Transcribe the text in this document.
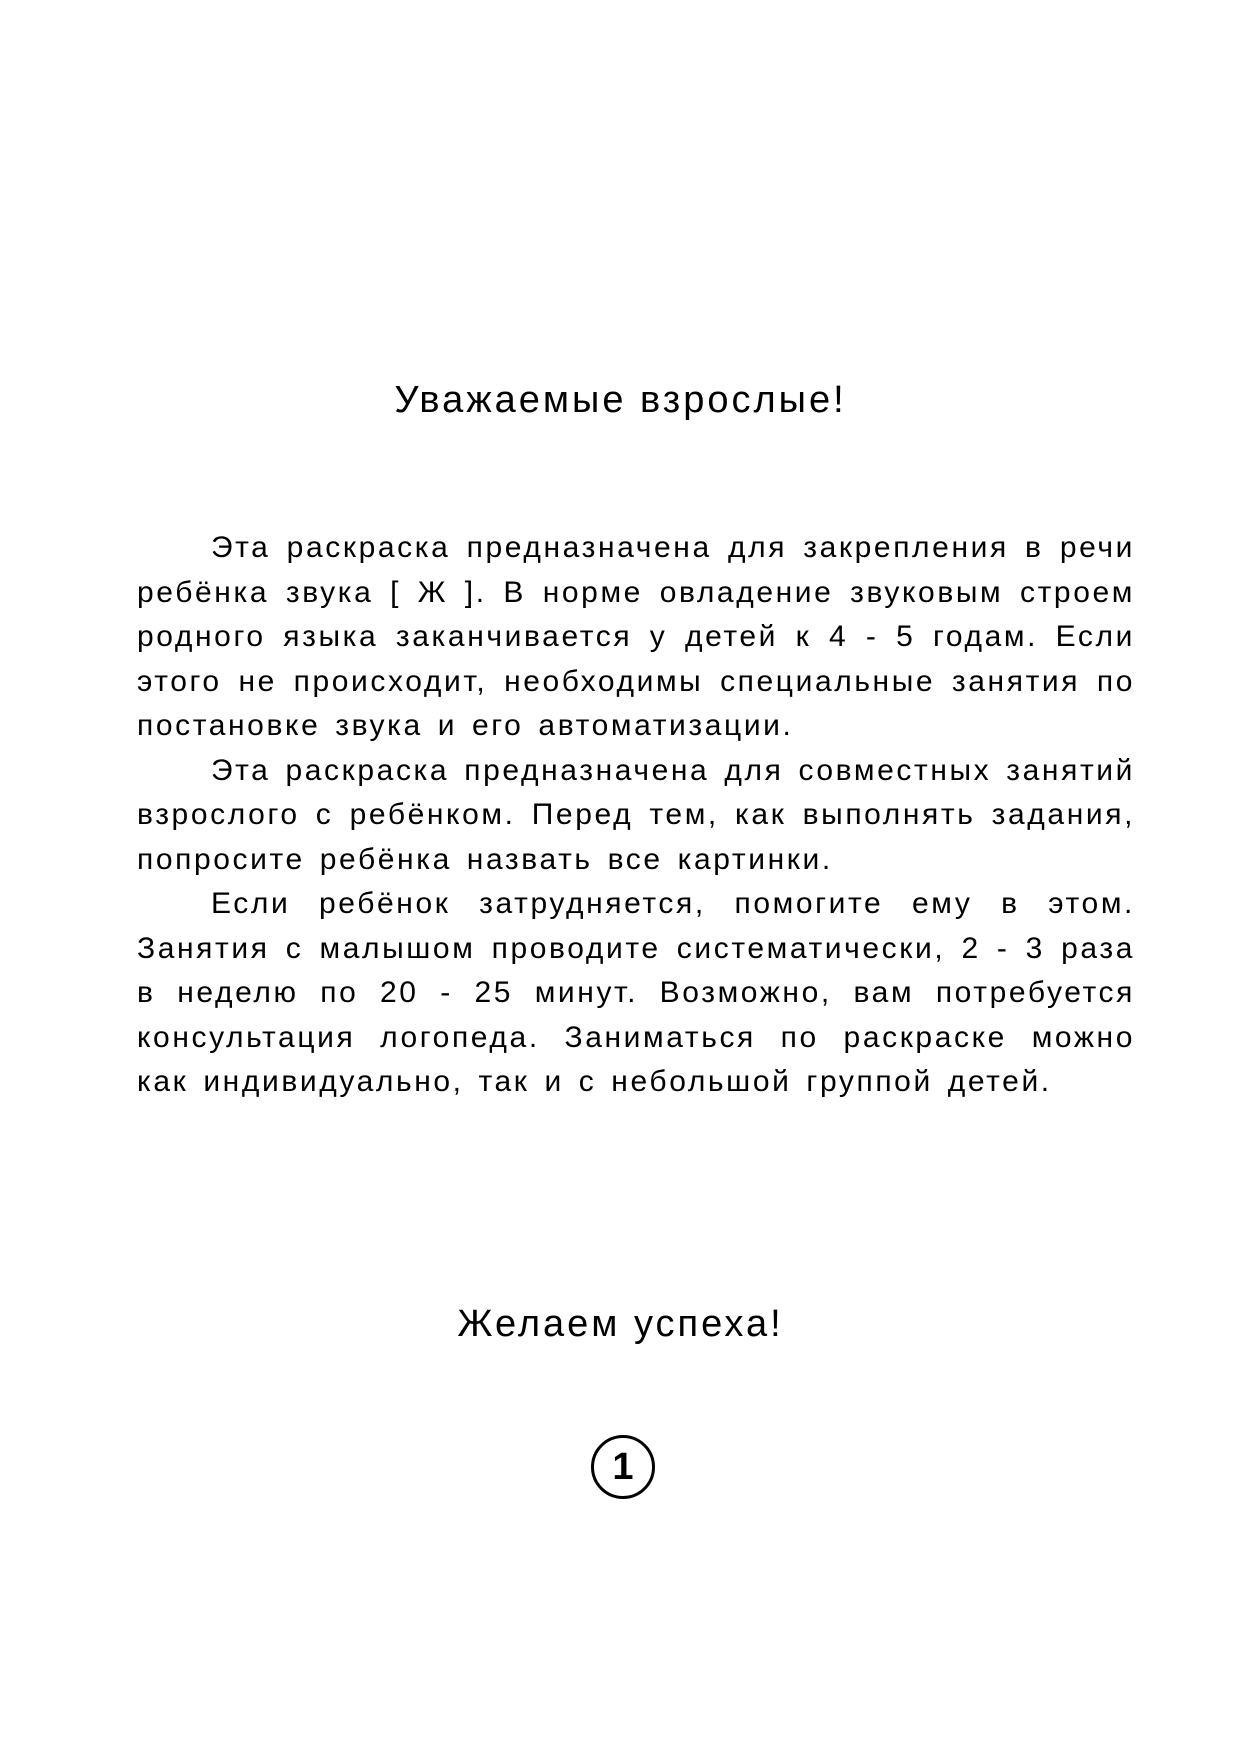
Уважаемые взрослые!

Эта раскраска предназначена для закрепления в речи ребёнка звука [ Ж ]. В норме овладение звуковым строем родного языка заканчивается у детей к 4 - 5 годам. Если этого не происходит, необходимы специальные занятия по постановке звука и его автоматизации.

Эта раскраска предназначена для совместных занятий взрослого с ребёнком. Перед тем, как выполнять задания, попросите ребёнка назвать все картинки.

Если ребёнок затрудняется, помогите ему в этом. Занятия с малышом проводите систематически, 2 - 3 раза в неделю по 20 - 25 минут. Возможно, вам потребуется консультация логопеда. Заниматься по раскраске можно как индивидуально, так и с небольшой группой детей.

Желаем успеха!
1
